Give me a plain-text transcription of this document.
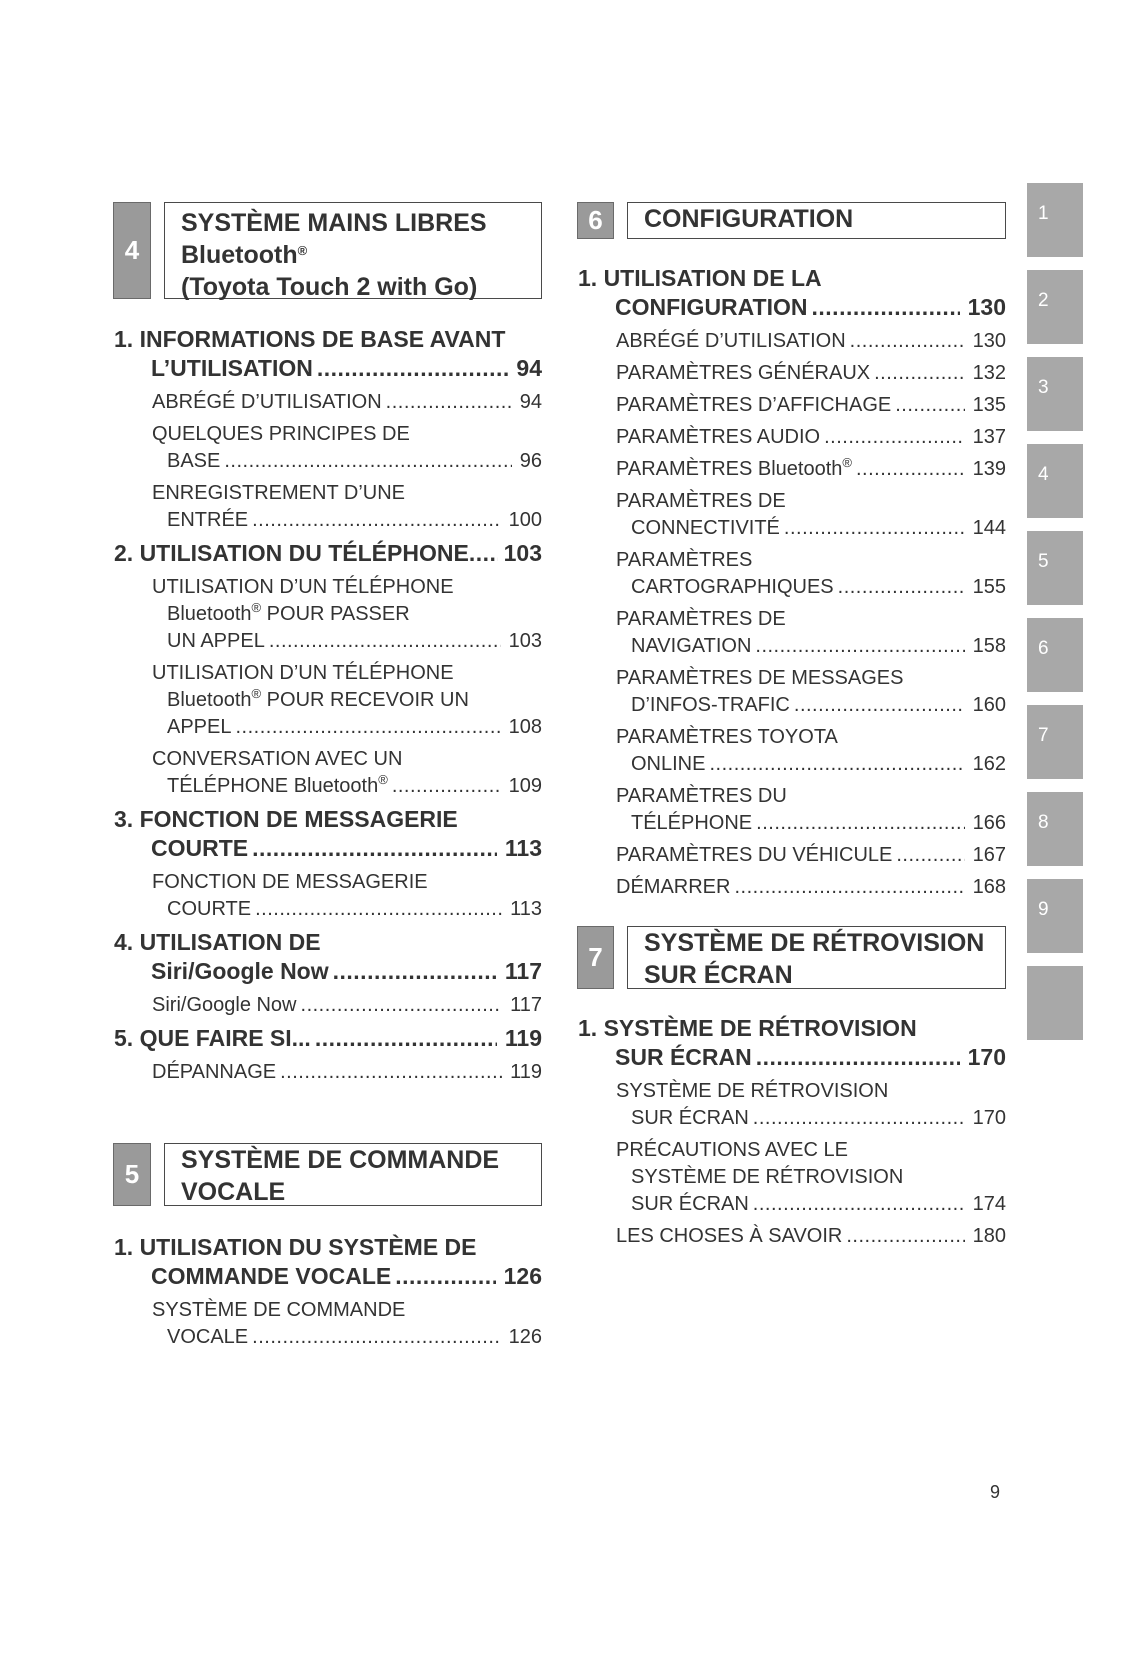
4
SYSTÈME MAINS LIBRES
Bluetooth®
(Toyota Touch 2 with Go)
1. INFORMATIONS DE BASE AVANT
L’UTILISATION .....	94
ABRÉGÉ D’UTILISATION .....	94
QUELQUES PRINCIPES DE
BASE .....	96
ENREGISTREMENT D’UNE
ENTRÉE .....	100
2. UTILISATION DU TÉLÉPHONE ..... 103
UTILISATION D’UN TÉLÉPHONE
Bluetooth® POUR PASSER
UN APPEL .....	103
UTILISATION D’UN TÉLÉPHONE
Bluetooth® POUR RECEVOIR UN
APPEL .....	108
CONVERSATION AVEC UN
TÉLÉPHONE Bluetooth® .....	109
3. FONCTION DE MESSAGERIE
COURTE .....	113
FONCTION DE MESSAGERIE
COURTE .....	113
4. UTILISATION DE
Siri/Google Now .....	117
Siri/Google Now .....	117
5. QUE FAIRE SI... .....	119
DÉPANNAGE .....	119
5	SYSTÈME DE COMMANDE
VOCALE
1. UTILISATION DU SYSTÈME DE
COMMANDE VOCALE .....	126
SYSTÈME DE COMMANDE
VOCALE .....	126
6	CONFIGURATION
1. UTILISATION DE LA
CONFIGURATION .....	130
ABRÉGÉ D’UTILISATION .....	130
PARAMÈTRES GÉNÉRAUX .....	132
PARAMÈTRES D’AFFICHAGE .....	135
PARAMÈTRES AUDIO .....	137
PARAMÈTRES Bluetooth® .....	139
PARAMÈTRES DE
CONNECTIVITÉ .....	144
PARAMÈTRES
CARTOGRAPHIQUES .....	155
PARAMÈTRES DE
NAVIGATION .....	158
PARAMÈTRES DE MESSAGES
D’INFOS-TRAFIC .....	160
PARAMÈTRES TOYOTA
ONLINE .....	162
PARAMÈTRES DU
TÉLÉPHONE .....	166
PARAMÈTRES DU VÉHICULE .....	167
DÉMARRER .....	168
7	SYSTÈME DE RÉTROVISION
SUR ÉCRAN
1. SYSTÈME DE RÉTROVISION
SUR ÉCRAN .....	170
SYSTÈME DE RÉTROVISION
SUR ÉCRAN .....	170
PRÉCAUTIONS AVEC LE
SYSTÈME DE RÉTROVISION
SUR ÉCRAN .....	174
LES CHOSES À SAVOIR .....	180
1
2
3
4
5
6
7
8
9
9
